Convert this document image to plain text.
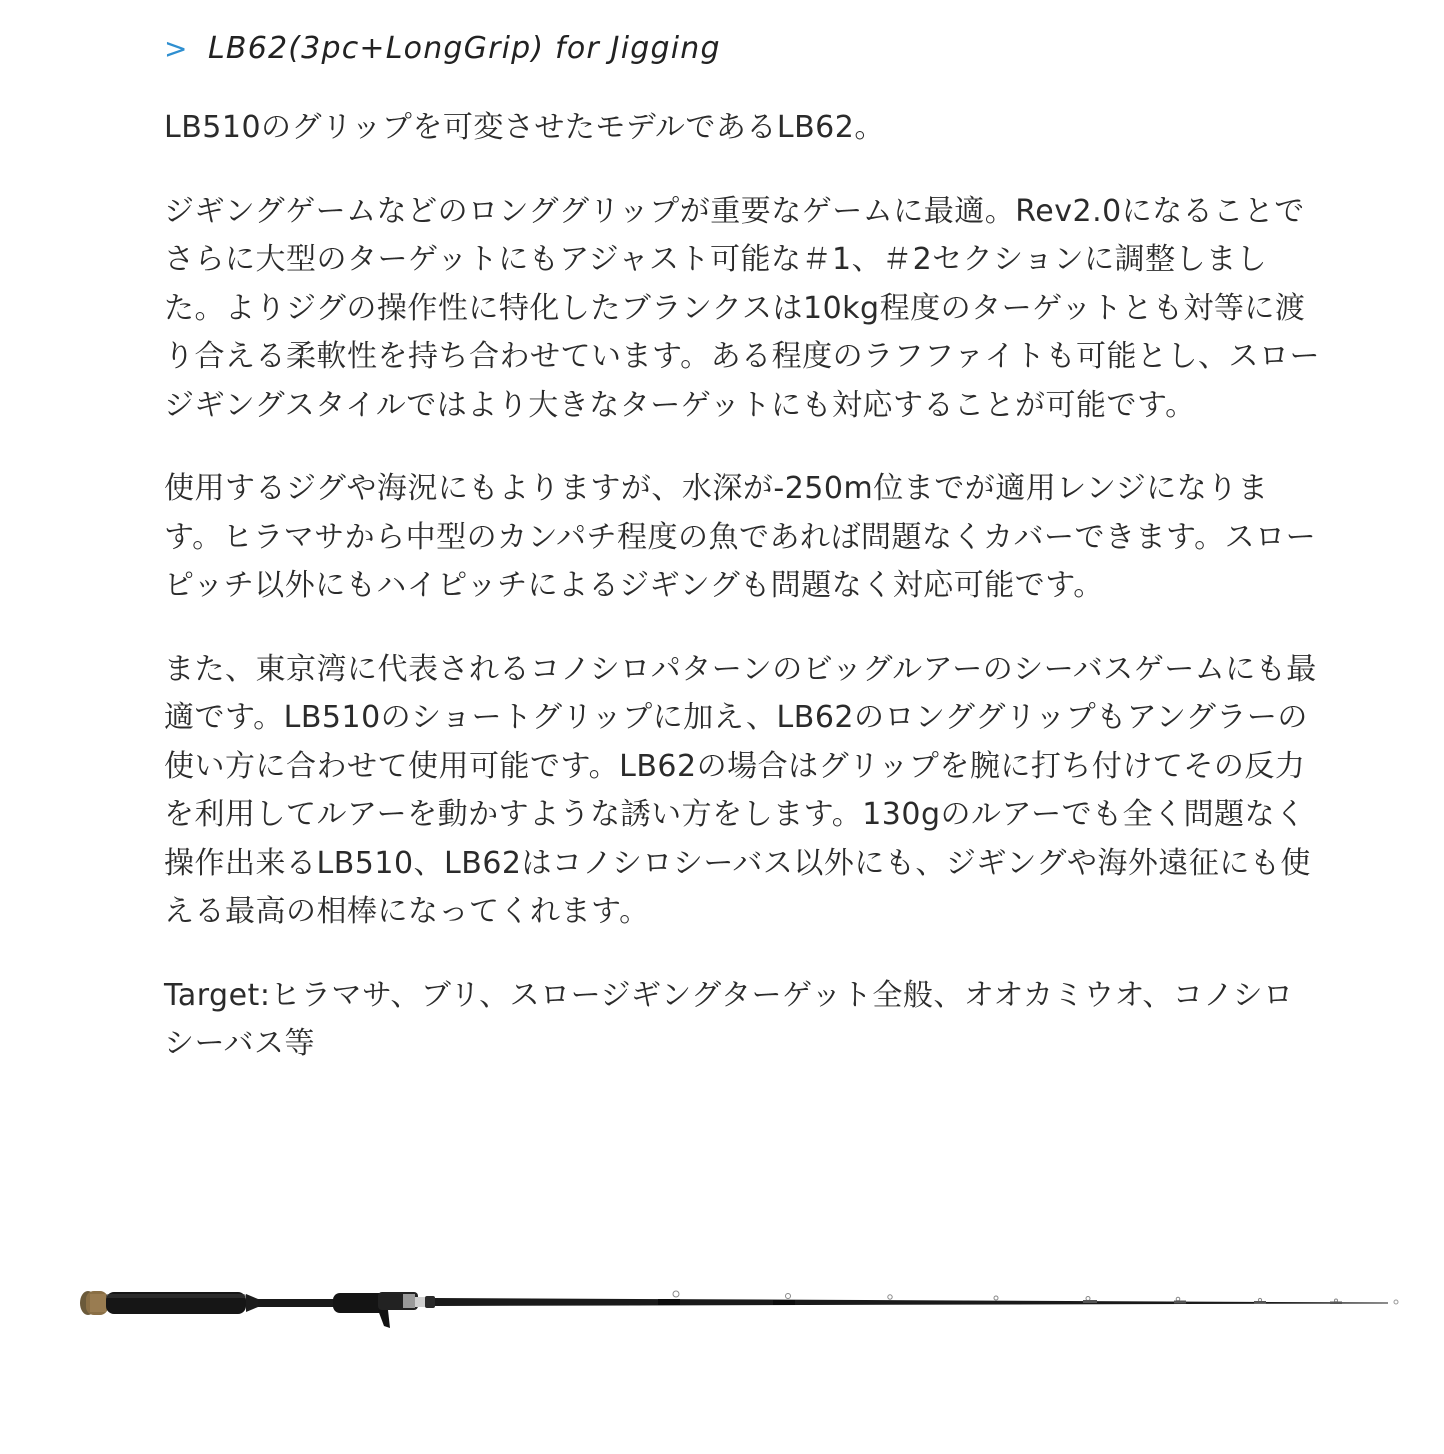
> LB62(3pc+LongGrip) for Jigging

LB510のグリップを可変させたモデルであるLB62。

ジギングゲームなどのロンググリップが重要なゲームに最適。Rev2.0になることでさらに大型のターゲットにもアジャスト可能な＃1、＃2セクションに調整しました。よりジグの操作性に特化したブランクスは10kg程度のターゲットとも対等に渡り合える柔軟性を持ち合わせています。ある程度のラフファイトも可能とし、スロージギングスタイルではより大きなターゲットにも対応することが可能です。

使用するジグや海況にもよりますが、水深が-250m位までが適用レンジになります。ヒラマサから中型のカンパチ程度の魚であれば問題なくカバーできます。スローピッチ以外にもハイピッチによるジギングも問題なく対応可能です。

また、東京湾に代表されるコノシロパターンのビッグルアーのシーバスゲームにも最適です。LB510のショートグリップに加え、LB62のロンググリップもアングラーの使い方に合わせて使用可能です。LB62の場合はグリップを腕に打ち付けてその反力を利用してルアーを動かすような誘い方をします。130gのルアーでも全く問題なく操作出来るLB510、LB62はコノシロシーバス以外にも、ジギングや海外遠征にも使える最高の相棒になってくれます。

Target:ヒラマサ、ブリ、スロージギングターゲット全般、オオカミウオ、コノシロシーバス等
